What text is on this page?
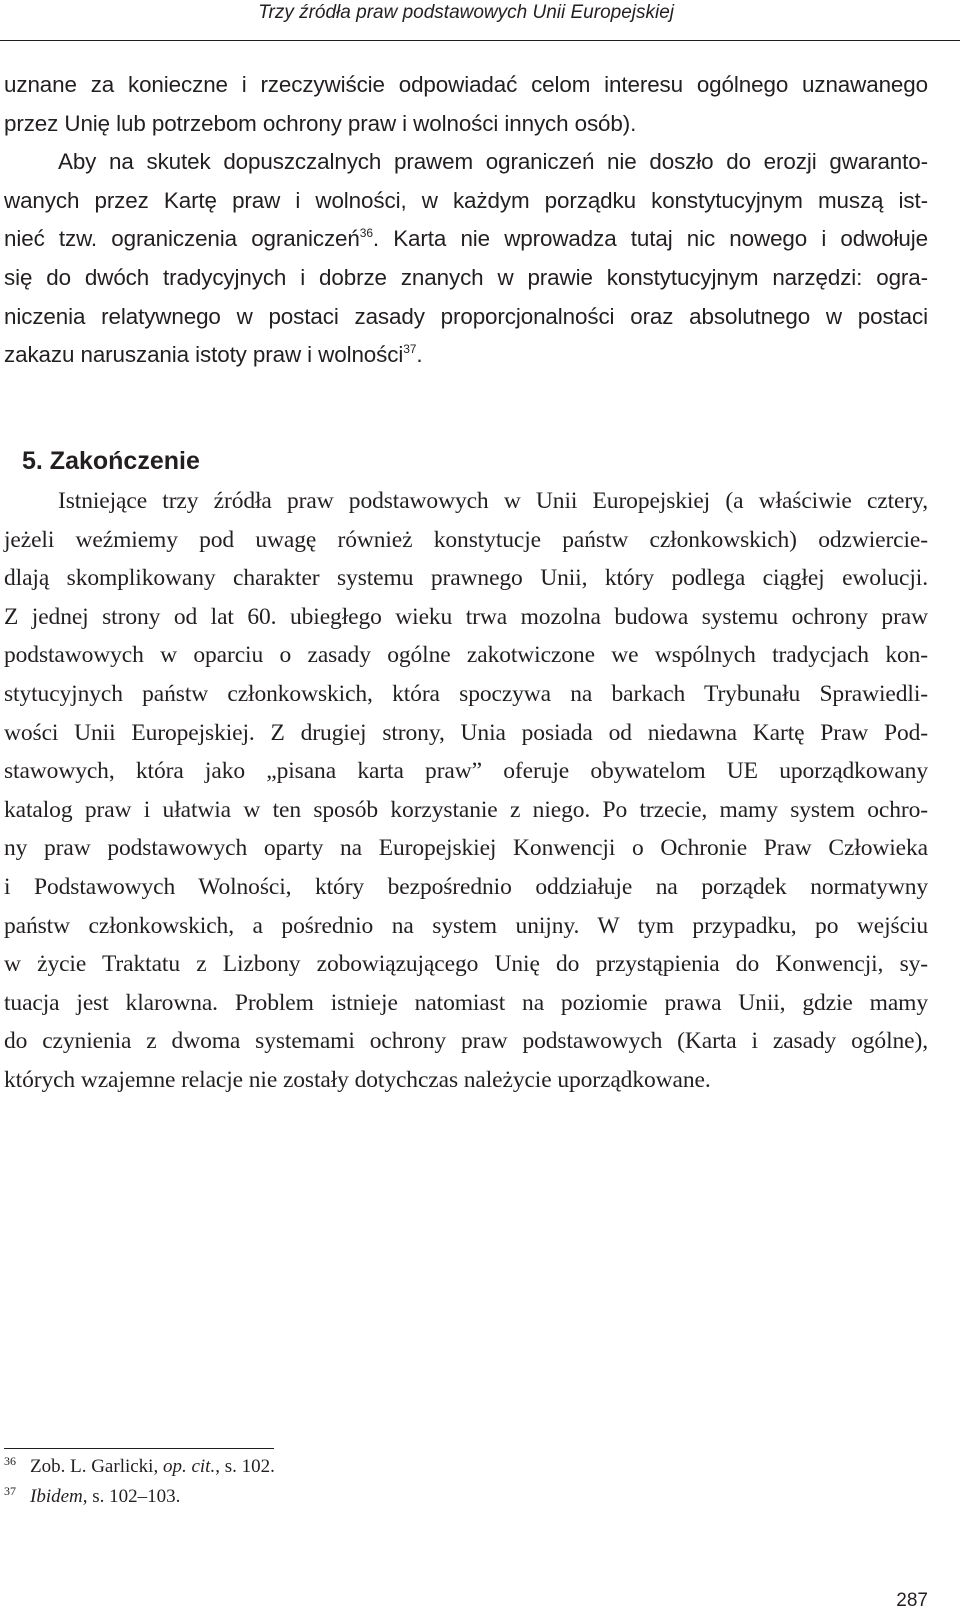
Trzy źródła praw podstawowych Unii Europejskiej
uznane za konieczne i rzeczywiście odpowiadać celom interesu ogólnego uznawanego
przez Unię lub potrzebom ochrony praw i wolności innych osób).
Aby na skutek dopuszczalnych prawem ograniczeń nie doszło do erozji gwaranto-
wanych przez Kartę praw i wolności, w każdym porządku konstytucyjnym muszą ist-
nieć tzw. ograniczenia ograniczeń$^{36}$. Karta nie wprowadza tutaj nic nowego i odwołuje
się do dwóch tradycyjnych i dobrze znanych w prawie konstytucyjnym narzędzi: ogra-
niczenia relatywnego w postaci zasady proporcjonalności oraz absolutnego w postaci
zakazu naruszania istoty praw i wolności$^{37}$.
5. Zakończenie
Istniejące trzy źródła praw podstawowych w Unii Europejskiej (a właściwie cztery,
jeżeli weźmiemy pod uwagę również konstytucje państw członkowskich) odzwiercie-
dlają skomplikowany charakter systemu prawnego Unii, który podlega ciągłej ewolucji.
Z jednej strony od lat 60. ubiegłego wieku trwa mozolna budowa systemu ochrony praw
podstawowych w oparciu o zasady ogólne zakotwiczone we wspólnych tradycjach kon-
stytucyjnych państw członkowskich, która spoczywa na barkach Trybunału Sprawiedli-
wości Unii Europejskiej. Z drugiej strony, Unia posiada od niedawna Kartę Praw Pod-
stawowych, która jako „pisana karta praw” oferuje obywatelom UE uporządkowany
katalog praw i ułatwia w ten sposób korzystanie z niego. Po trzecie, mamy system ochro-
ny praw podstawowych oparty na Europejskiej Konwencji o Ochronie Praw Człowieka
i Podstawowych Wolności, który bezpośrednio oddziałuje na porządek normatywny
państw członkowskich, a pośrednio na system unijny. W tym przypadku, po wejściu
w życie Traktatu z Lizbony zobowiązującego Unię do przystąpienia do Konwencji, sy-
tuacja jest klarowna. Problem istnieje natomiast na poziomie prawa Unii, gdzie mamy
do czynienia z dwoma systemami ochrony praw podstawowych (Karta i zasady ogólne),
których wzajemne relacje nie zostały dotychczas należycie uporządkowane.
36 Zob. L. Garlicki, op. cit., s. 102.
37 Ibidem, s. 102–103.
287
